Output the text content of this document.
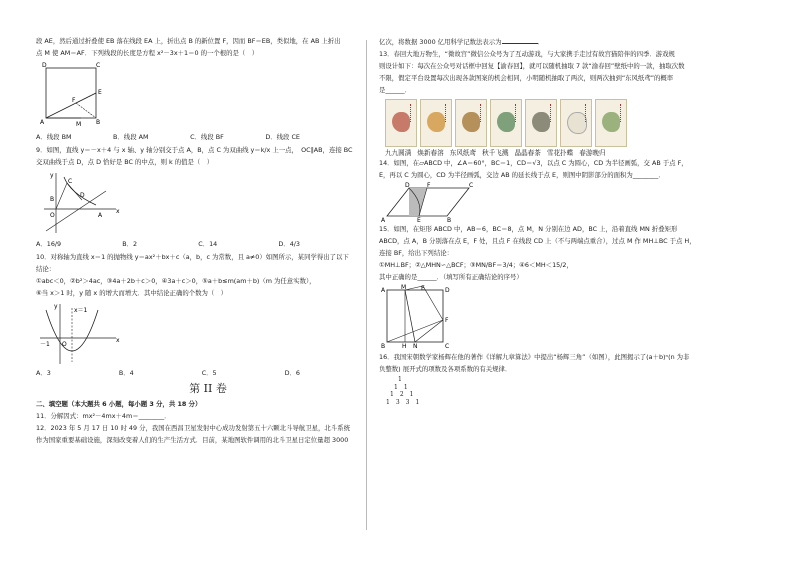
段 AE，然后通过折叠使 EB 落在线段 EA 上，折出点 B 的新位置 F，因而 BF＝EB，类似地，在 AB 上折出

点 M 使 AM＝AF．下列线段的长度是方程 x²－3x＋1＝0 的一个根的是（　）

D	C
E
F
A	M B
A．线段 BM	B．线段 AM	C．线段 BF	D．线段 CE

9．如图，直线 y＝－x＋4 与 x 轴、y 轴分别交于点 A，B，点 C 为双曲线 y＝k/x 上一点，　OC∥AB，连接 BC

交双曲线于点 D，点 D 恰好是 BC 的中点，则 k 的值是（　）

y
C
B
D
O	A
x
A．16/9	B．2	C．14	D．4/3

10．对称轴为直线 x＝1 的抛物线 y＝ax²＋bx＋c（a，b，c 为常数，且 a≠0）如图所示，某同学得出了以下

结论：

①abc＜0，②b²＞4ac，③4a＋2b＋c＞0，④3a＋c＞0，⑤a＋b≤m(am＋b)（m 为任意实数），

⑥当 x＞1 时，y 随 x 的增大而增大．其中结论正确的个数为（　）

y
x＝1
－1 O
x
A．3	B．4	C．5	D．6
第 II 卷

二、填空题（本大题共 6 小题，每小题 3 分，共 18 分）

11．分解因式：mx²－4mx＋4m＝________．

12．2023 年 5 月 17 日 10 时 49 分，我国在西昌卫星发射中心成功发射第五十六颗北斗导航卫星，北斗系统

作为国家重要基础设施，深刻改变着人们的生产生活方式．目前，某地图软件调用的北斗卫星日定位量超 3000

亿次，将数据 3000 亿用科学记数法表示为	．

13．春回大地万物生，“微故宫”微信公众号为了互动游戏，与大家携手走过有故宫猫陪伴的四季．游戏规

则设计如下：每次在公众号对话框中回复【渝春回】，就可以随机抽取 7 款“渝春回”壁纸中的一款，抽取次数

不限，假定平台设置每次出现各款图案的机会相同，小明随机抽取了两次，则两次抽到“东风纸鸢”的概率

是______．

九九圆满 焕新春溶 东风纸鸢 秋千飞溅 晶晶春茶 雪花扑蝶 春游晚归

14．如图，在▱ABCD 中，∠A＝60°，BC＝1，CD＝√3，以点 C 为圆心，CD 为半径画弧，交 AB 于点 F，

E，再以 C 为圆心，CD 为半径画弧，交边 AB 的延长线于点 E，则图中阴影部分的面积为________．

D	F	C
A	E	B

15．如图，在矩形 ABCD 中，AB＝6，BC＝8，点 M，N 分别在边 AD，BC 上，沿着直线 MN 折叠矩形

ABCD，点 A，B 分别落在点 E，F 处，且点 F 在线段 CD 上（不与两端点重合），过点 M 作 MH⊥BC 于点 H，

连接 BF，给出下列结论：

①MH⊥BF；②△MHN∽△BCF；③MN/BF＝3/4；④6＜MH＜15/2，

其中正确的是______．（填写所有正确结论的序号）

A	M E	D
F
B	H N	C

16．我国宋朝数学家杨辉在他的著作《详解九章算法》中提出“杨辉三角”（如图），此图揭示了(a＋b)ⁿ(n 为非

负整数) 展开式的项数及各项系数的有关规律．

1
1　1
1　2　1
1　3　3　1
